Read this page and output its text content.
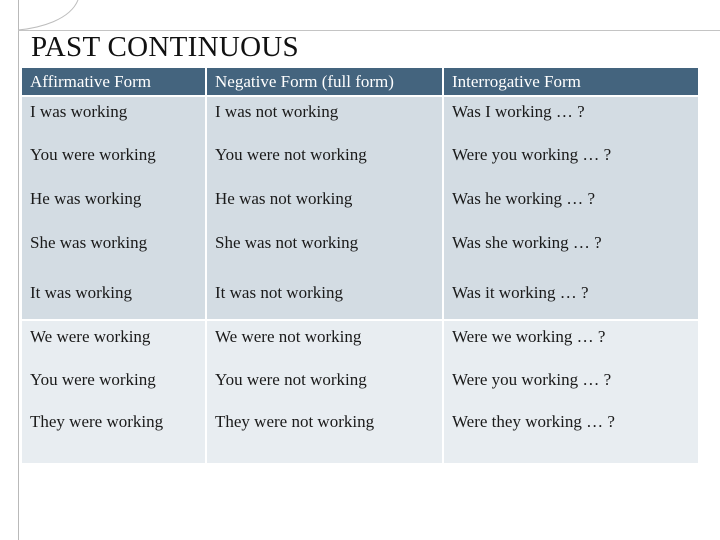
PAST CONTINUOUS
Affirmative Form	Negative Form (full form)	Interrogative Form
I was working	I was not working	Was I working … ?
You were working	You were not working	Were you working … ?
He was working	He was not working	Was he working … ?
She was working	She was not working	Was she working … ?
It was working	It was not working	Was it working … ?
We were working	We were not working	Were we working … ?
You were working	You were not working	Were you working … ?
They were working	They were not working	Were they working … ?
